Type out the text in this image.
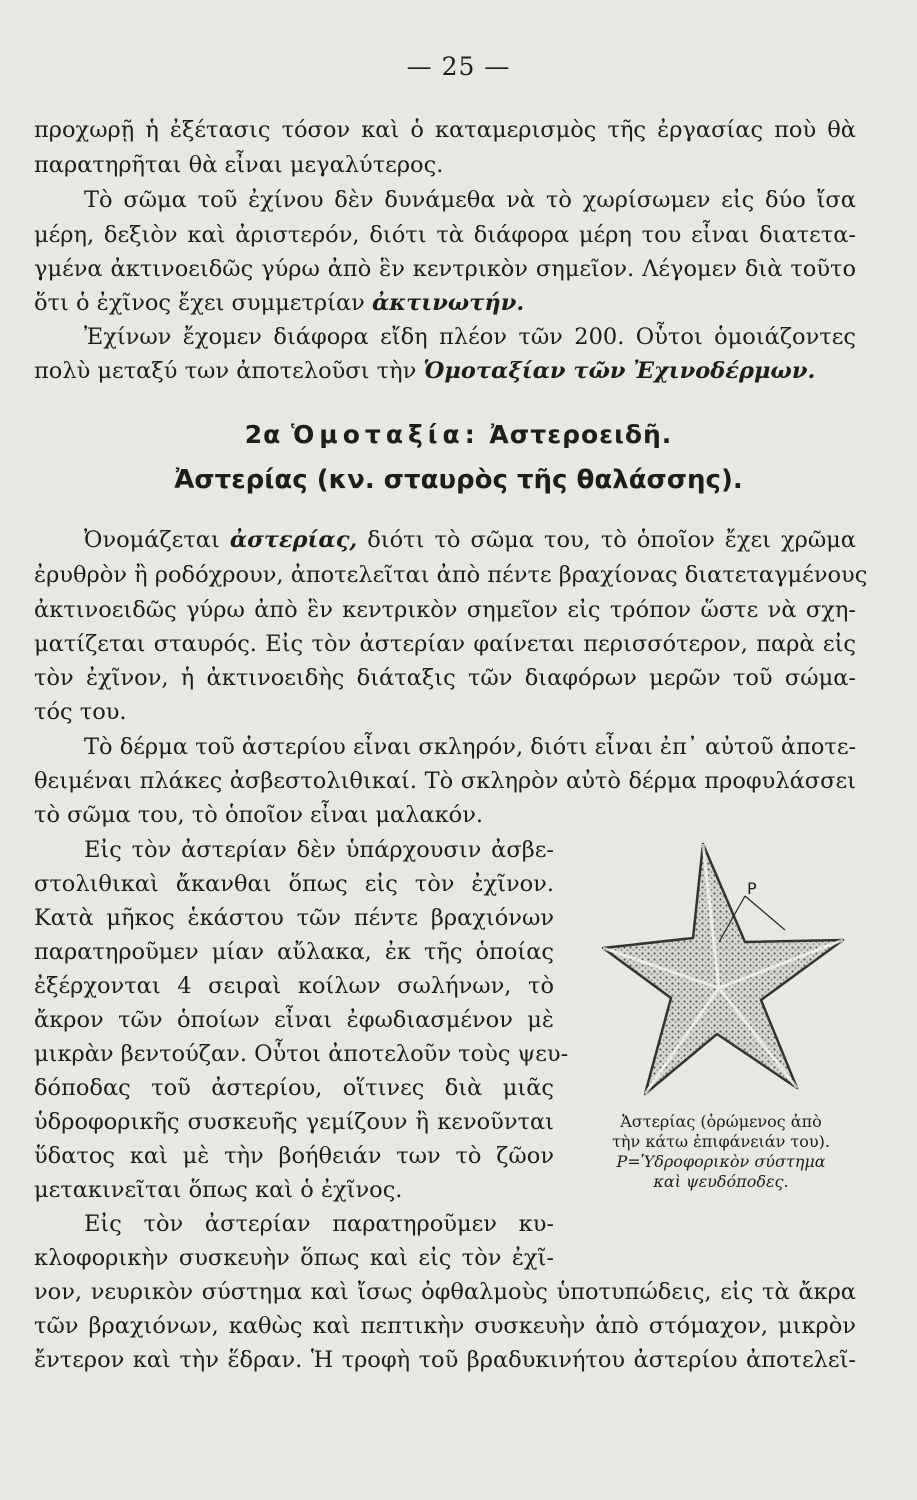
— 25 —
προχωρῇ ἡ ἐξέτασις τόσον καὶ ὁ καταμερισμὸς τῆς ἐργασίας ποὺ θὰ
παρατηρῆται θὰ εἶναι μεγαλύτερος.
Τὸ σῶμα τοῦ ἐχίνου δὲν δυνάμεθα νὰ τὸ χωρίσωμεν εἰς δύο ἴσα
μέρη, δεξιὸν καὶ ἀριστερόν, διότι τὰ διάφορα μέρη του εἶναι διατετα-
γμένα ἀκτινοειδῶς γύρω ἀπὸ ἓν κεντρικὸν σημεῖον. Λέγομεν διὰ τοῦτο
ὅτι ὁ ἐχῖνος ἔχει συμμετρίαν ἀκτινωτήν.
Ἐχίνων ἔχομεν διάφορα εἴδη πλέον τῶν 200. Οὗτοι ὁμοιάζοντες
πολὺ μεταξύ των ἀποτελοῦσι τὴν Ὁμοταξίαν τῶν Ἐχινοδέρμων.
2α Ὁμοταξία: Ἀστεροειδῆ.
Ἀστερίας (κν. σταυρὸς τῆς θαλάσσης).
Ὀνομάζεται ἀστερίας, διότι τὸ σῶμα του, τὸ ὁποῖον ἔχει χρῶμα
ἐρυθρὸν ἢ ροδόχρουν, ἀποτελεῖται ἀπὸ πέντε βραχίονας διατεταγμένους
ἀκτινοειδῶς γύρω ἀπὸ ἓν κεντρικὸν σημεῖον εἰς τρόπον ὥστε νὰ σχη-
ματίζεται σταυρός. Εἰς τὸν ἀστερίαν φαίνεται περισσότερον, παρὰ εἰς
τὸν ἐχῖνον, ἡ ἀκτινοειδὴς διάταξις τῶν διαφόρων μερῶν τοῦ σώμα-
τός του.
Τὸ δέρμα τοῦ ἀστερίου εἶναι σκληρόν, διότι εἶναι ἐπ᾽ αὐτοῦ ἀποτε-
θειμέναι πλάκες ἀσβεστολιθικαί. Τὸ σκληρὸν αὐτὸ δέρμα προφυλάσσει
τὸ σῶμα του, τὸ ὁποῖον εἶναι μαλακόν.
Εἰς τὸν ἀστερίαν δὲν ὑπάρχουσιν ἀσβε-
στολιθικαὶ ἄκανθαι ὅπως εἰς τὸν ἐχῖνον.
Κατὰ μῆκος ἑκάστου τῶν πέντε βραχιόνων
παρατηροῦμεν μίαν αὔλακα, ἐκ τῆς ὁποίας
ἐξέρχονται 4 σειραὶ κοίλων σωλήνων, τὸ
ἄκρον τῶν ὁποίων εἶναι ἐφωδιασμένον μὲ
μικρὰν βεντούζαν. Οὗτοι ἀποτελοῦν τοὺς ψευ-
δόποδας τοῦ ἀστερίου, οἵτινες διὰ μιᾶς
ὑδροφορικῆς συσκευῆς γεμίζουν ἢ κενοῦνται
ὕδατος καὶ μὲ τὴν βοήθειάν των τὸ ζῶον
μετακινεῖται ὅπως καὶ ὁ ἐχῖνος.
Εἰς τὸν ἀστερίαν παρατηροῦμεν κυ-
κλοφορικὴν συσκευὴν ὅπως καὶ εἰς τὸν ἐχῖ-
νον, νευρικὸν σύστημα καὶ ἴσως ὀφθαλμοὺς ὑποτυπώδεις, εἰς τὰ ἄκρα
τῶν βραχιόνων, καθὼς καὶ πεπτικὴν συσκευὴν ἀπὸ στόμαχον, μικρὸν
ἔντερον καὶ τὴν ἕδραν. Ἡ τροφὴ τοῦ βραδυκινήτου ἀστερίου ἀποτελεῖ-
P
Ἀστερίας (ὁρώμενος ἀπὸ
τὴν κάτω ἐπιφάνειάν του).
P=Ὑδροφορικὸν σύστημα
καὶ ψευδόποδες.
